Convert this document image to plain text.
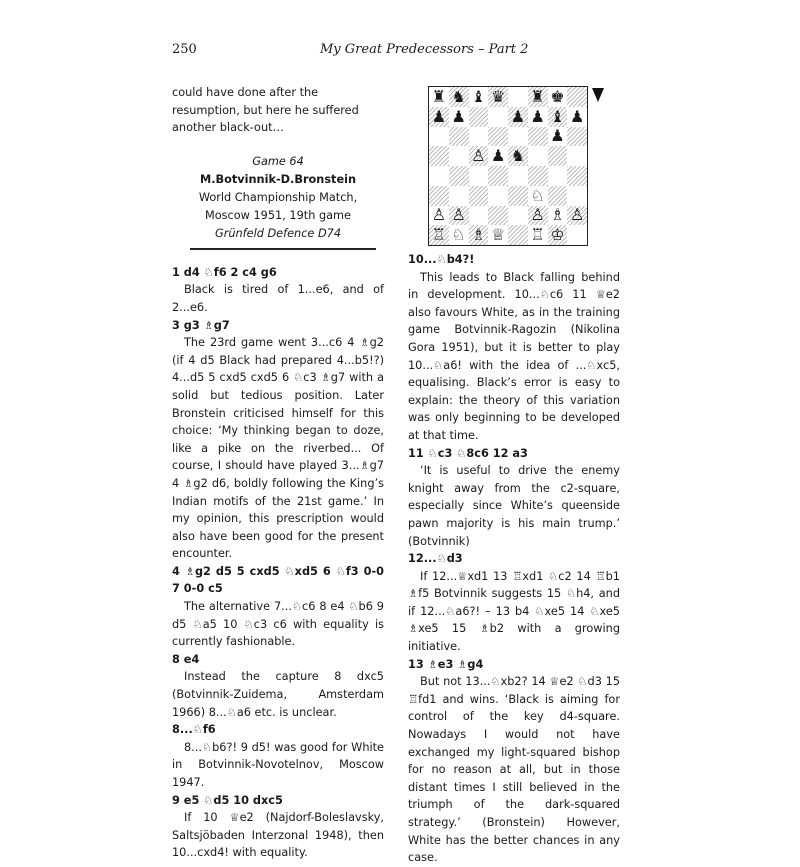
250	My Great Predecessors – Part 2

could have done after the resumption, but here he suffered another black-out…

Game 64
M.Botvinnik-D.Bronstein
World Championship Match,
Moscow 1951, 19th game
Grünfeld Defence D74

1 d4 ♘f6 2 c4 g6

Black is tired of 1...e6, and of 2...e6.

3 g3 ♗g7

The 23rd game went 3...c6 4 ♗g2 (if 4 d5 Black had prepared 4...b5!?) 4...d5 5 cxd5 cxd5 6 ♘c3 ♗g7 with a solid but tedious position. Later Bronstein criticised himself for this choice: ‘My thinking began to doze, like a pike on the riverbed... Of course, I should have played 3...♗g7 4 ♗g2 d6, boldly following the King’s Indian motifs of the 21st game.’ In my opinion, this prescription would also have been good for the present encounter.

4 ♗g2 d5 5 cxd5 ♘xd5 6 ♘f3 0-0 7 0-0 c5

The alternative 7...♘c6 8 e4 ♘b6 9 d5 ♘a5 10 ♘c3 c6 with equality is currently fashionable.

8 e4

Instead the capture 8 dxc5 (Botvinnik-Zuidema, Amsterdam 1966) 8...♘a6 etc. is unclear.

8...♘f6

8...♘b6?! 9 d5! was good for White in Botvinnik-Novotelnov, Moscow 1947.

9 e5 ♘d5 10 dxc5

If 10 ♕e2 (Najdorf-Boleslavsky, Saltsjöbaden Interzonal 1948), then 10...cxd4! with equality.

♜ ♞ ♝ ♛ ♜ ♚
♟ ♟	♟ ♟ ♝ ♟
♟
♙ ♟ ♞
♘
♙ ♙	♙ ♗ ♙
♖ ♘ ♗ ♕ ♖ ♔

10...♘b4?!

This leads to Black falling behind in development. 10...♘c6 11 ♕e2 also favours White, as in the training game Botvinnik-Ragozin (Nikolina Gora 1951), but it is better to play 10...♘a6! with the idea of ...♘xc5, equalising. Black’s error is easy to explain: the theory of this variation was only beginning to be developed at that time.

11 ♘c3 ♘8c6 12 a3

‘It is useful to drive the enemy knight away from the c2-square, especially since White’s queenside pawn majority is his main trump.’ (Botvinnik)

12...♘d3

If 12...♕xd1 13 ♖xd1 ♘c2 14 ♖b1 ♗f5 Botvinnik suggests 15 ♘h4, and if 12...♘a6?! – 13 b4 ♘xe5 14 ♘xe5 ♗xe5 15 ♗b2 with a growing initiative.

13 ♗e3 ♗g4

But not 13...♘xb2? 14 ♕e2 ♘d3 15 ♖fd1 and wins. ‘Black is aiming for control of the key d4-square. Nowadays I would not have exchanged my light-squared bishop for no reason at all, but in those distant times I still believed in the triumph of the dark-squared strategy.’ (Bronstein) However, White has the better chances in any case.
